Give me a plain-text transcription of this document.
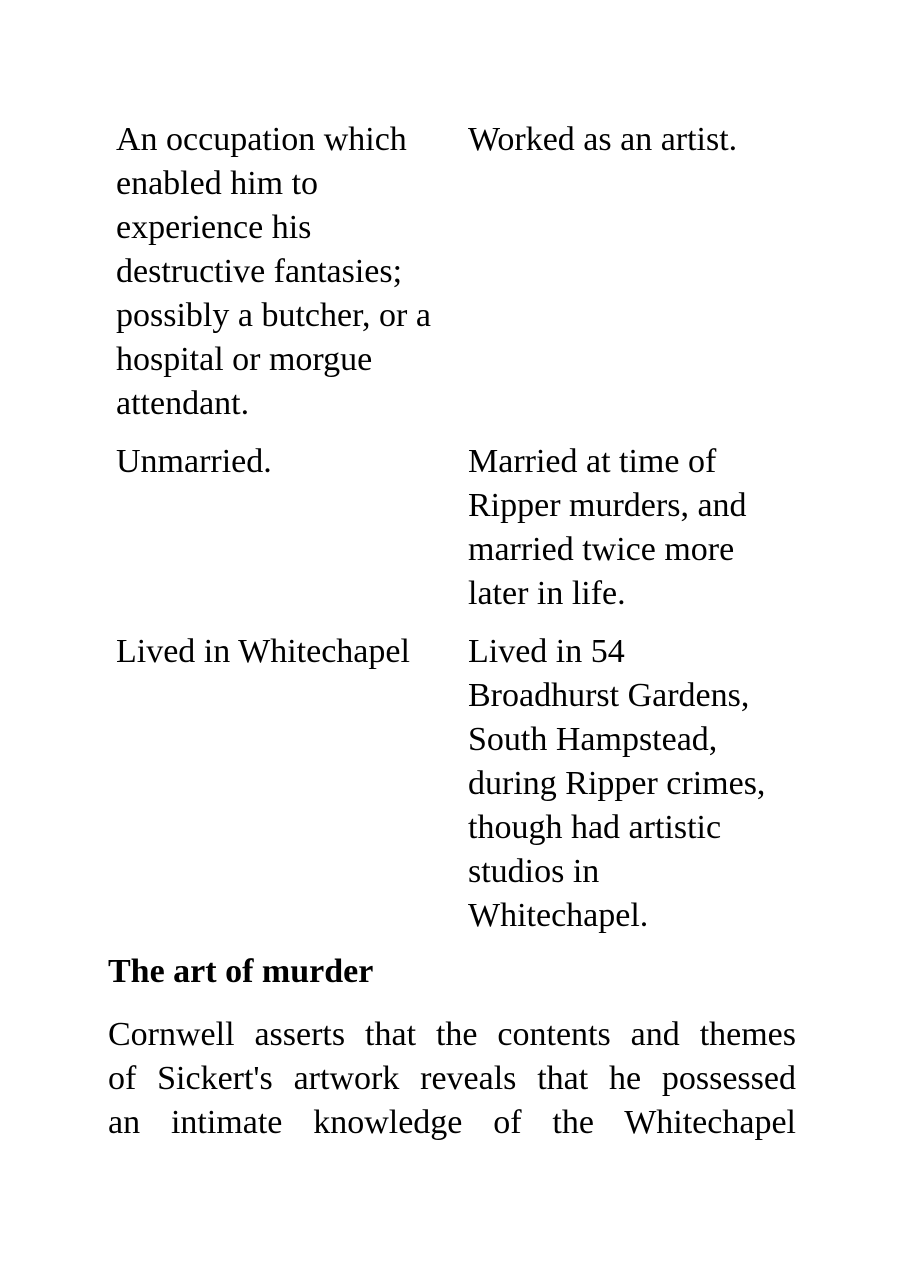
An occupation which enabled him to experience his destructive fantasies; possibly a butcher, or a hospital or morgue attendant.	Worked as an artist.

Unmarried.	Married at time of Ripper murders, and married twice more later in life.

Lived in Whitechapel	Lived in 54 Broadhurst Gardens, South Hampstead, during Ripper crimes, though had artistic studios in Whitechapel.
The art of murder
Cornwell asserts that the contents and themes
of Sickert's artwork reveals that he possessed
an intimate knowledge of the Whitechapel
